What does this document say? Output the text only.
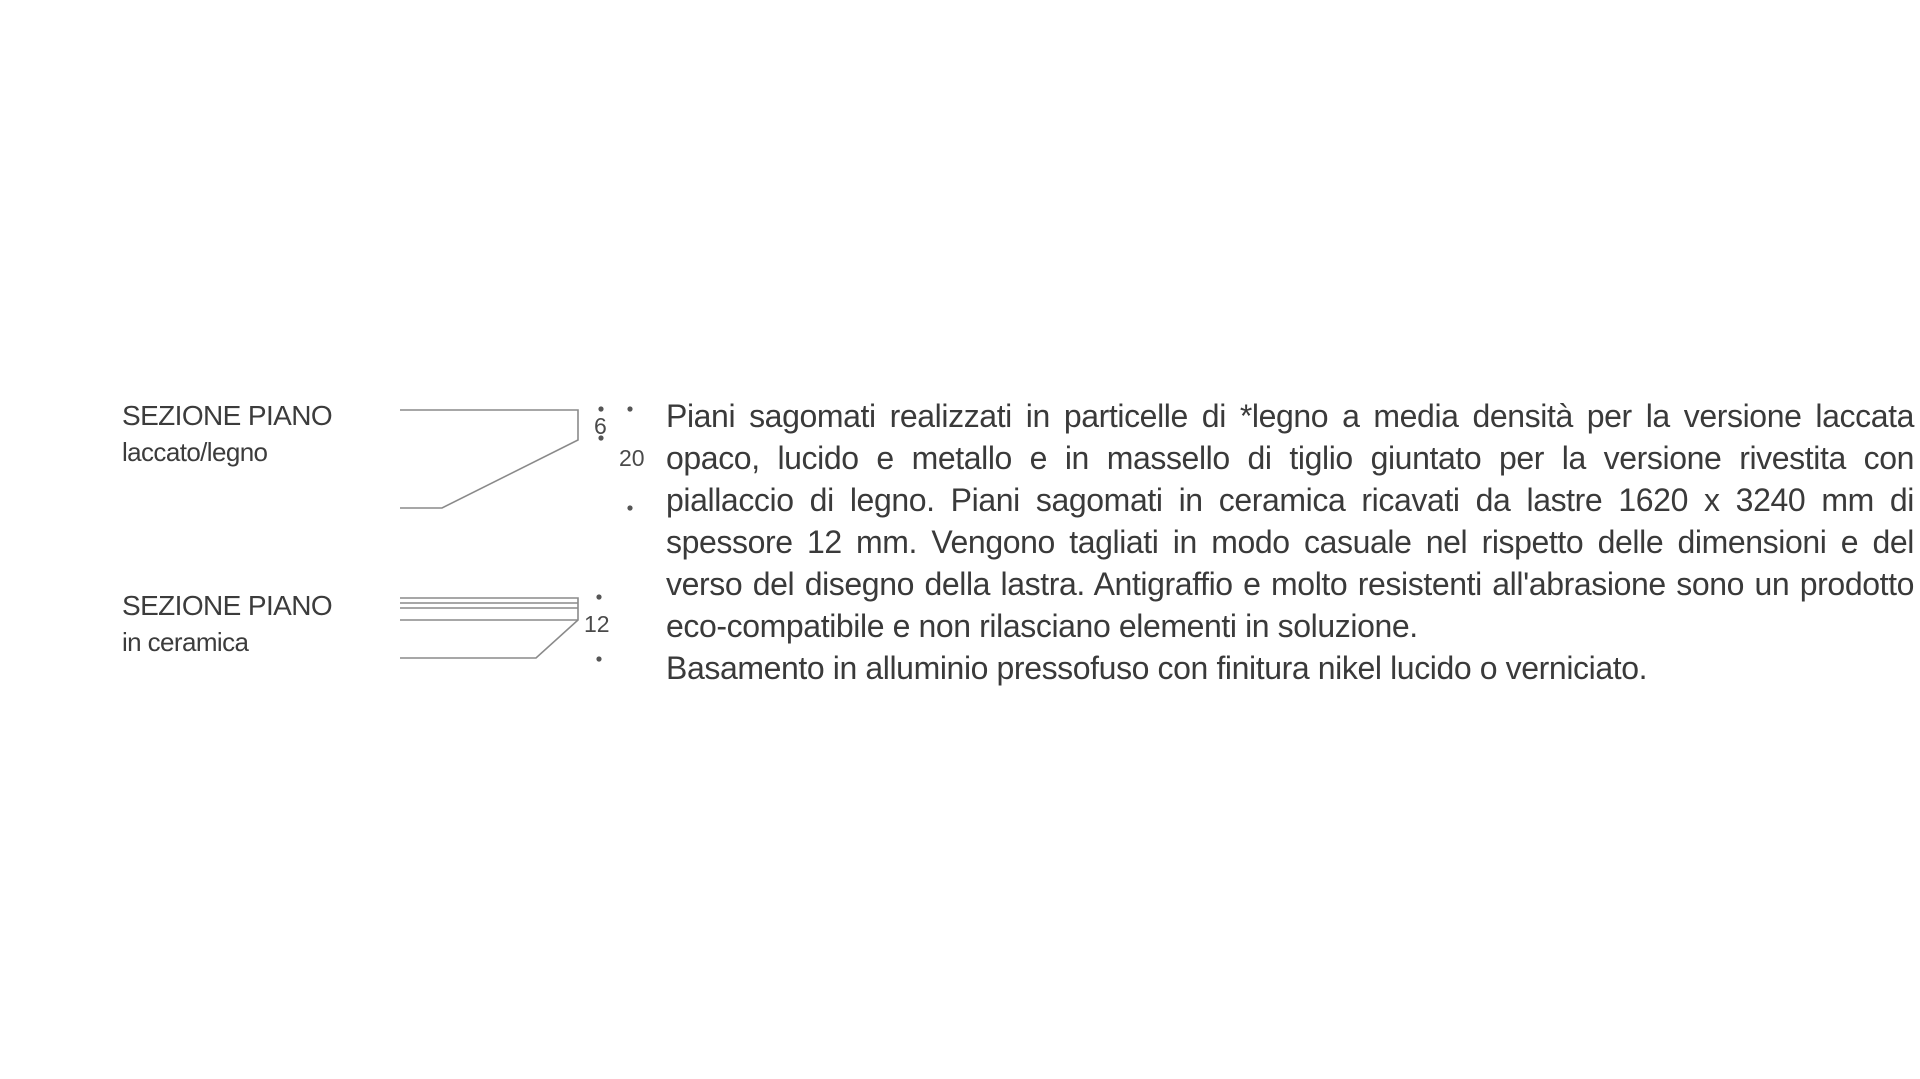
SEZIONE PIANO
laccato/legno
SEZIONE PIANO
in ceramica
6
20
12

Piani sagomati realizzati in particelle di *legno a media densità per la versione laccata opaco, lucido e metallo e in massello di tiglio giuntato per la versione rivestita con piallaccio di legno. Piani sagomati in ceramica ricavati da lastre 1620 x 3240 mm di spessore 12 mm. Vengono tagliati in modo casuale nel rispetto delle dimensioni e del verso del disegno della lastra. Antigraffio e molto resistenti all'abrasione sono un prodotto eco-compatibile e non rilasciano elementi in soluzione.

Basamento in alluminio pressofuso con finitura nikel lucido o verniciato.
